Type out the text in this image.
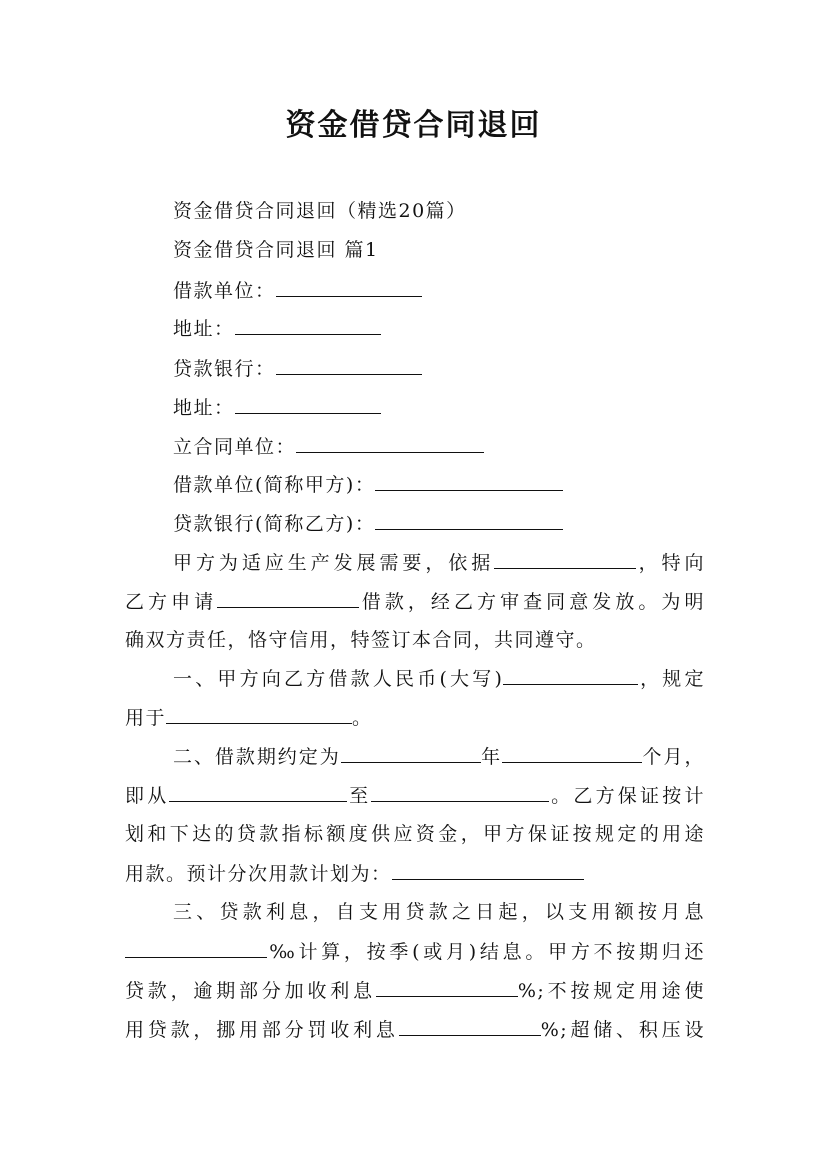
资金借贷合同退回
资金借贷合同退回（精选20篇）
资金借贷合同退回 篇1
借款单位：
地址：
贷款银行：
地址：
立合同单位：
借款单位(简称甲方)：
贷款银行(简称乙方)：
甲方为适应生产发展需要，依据	，特向
乙方申请	借款，经乙方审查同意发放。为明
确双方责任，恪守信用，特签订本合同，共同遵守。
一、甲方向乙方借款人民币(大写)	，规定
用于	。
二、借款期约定为	年	个月，
即从	至	。乙方保证按计
划和下达的贷款指标额度供应资金，甲方保证按规定的用途
用款。预计分次用款计划为：
三、贷款利息，自支用贷款之日起，以支用额按月息
‰计算，按季(或月)结息。甲方不按期归还
贷款，逾期部分加收利息	%;不按规定用途使
用贷款，挪用部分罚收利息	%;超储、积压设
